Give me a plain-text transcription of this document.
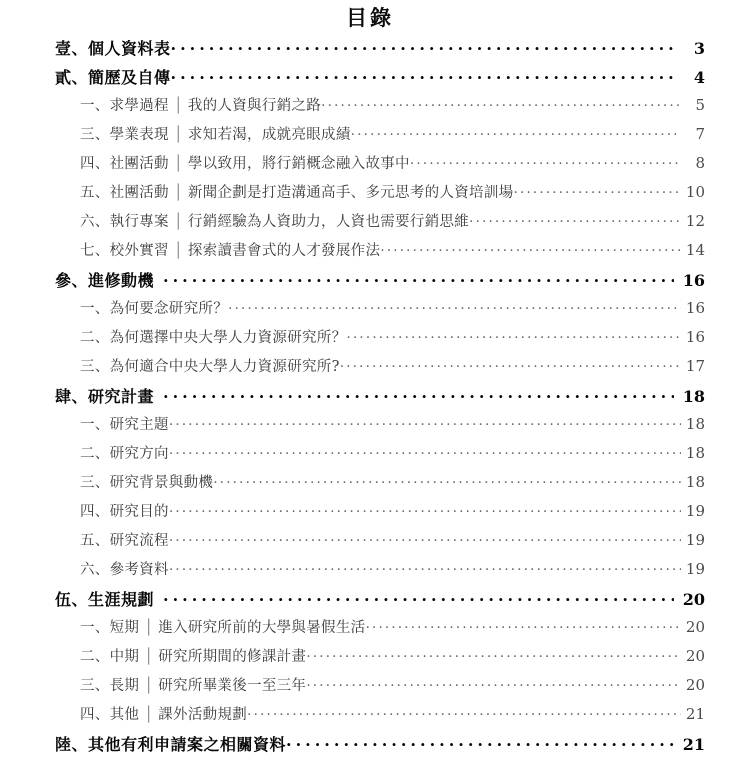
目錄
壹、個人資料表 .....	3
貳、簡歷及自傳 .....	4
一、求學過程 │ 我的人資與行銷之路 .....	5
三、學業表現 │ 求知若渴，成就亮眼成績 .....	7
四、社團活動 │ 學以致用，將行銷概念融入故事中 .....	8
五、社團活動 │ 新聞企劃是打造溝通高手、多元思考的人資培訓場 .....	10
六、執行專案 │ 行銷經驗為人資助力，人資也需要行銷思維 .....	12
七、校外實習 │ 探索讀書會式的人才發展作法 .....	14
參、進修動機 .....	16
一、為何要念研究所？ .....	16
二、為何選擇中央大學人力資源研究所？ .....	16
三、為何適合中央大學人力資源研究所? .....	17
肆、研究計畫 .....	18
一、研究主題 .....	18
二、研究方向 .....	18
三、研究背景與動機 .....	18
四、研究目的 .....	19
五、研究流程 .....	19
六、參考資料 .....	19
伍、生涯規劃 .....	20
一、短期 │ 進入研究所前的大學與暑假生活 .....	20
二、中期 │ 研究所期間的修課計畫 .....	20
三、長期 │ 研究所畢業後一至三年 .....	20
四、其他 │ 課外活動規劃 .....	21
陸、其他有利申請案之相關資料 .....	21
